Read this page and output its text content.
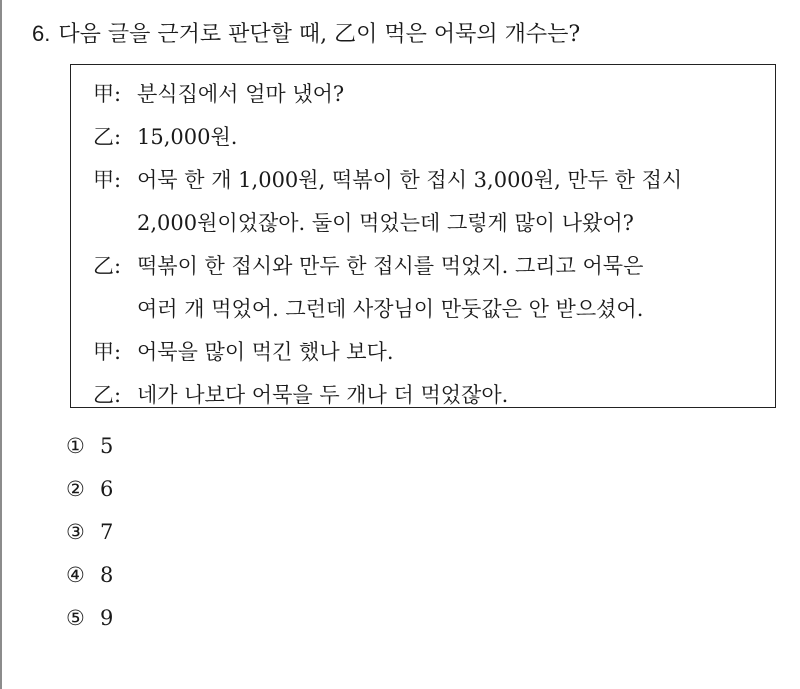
6. 다음 글을 근거로 판단할 때, 乙이 먹은 어묵의 개수는?
甲: 분식집에서 얼마 냈어?
乙: 15,000원.
甲: 어묵 한 개 1,000원, 떡볶이 한 접시 3,000원, 만두 한 접시
2,000원이었잖아. 둘이 먹었는데 그렇게 많이 나왔어?
乙: 떡볶이 한 접시와 만두 한 접시를 먹었지. 그리고 어묵은
여러 개 먹었어. 그런데 사장님이 만둣값은 안 받으셨어.
甲: 어묵을 많이 먹긴 했나 보다.
乙: 네가 나보다 어묵을 두 개나 더 먹었잖아.
① 5
② 6
③ 7
④ 8
⑤ 9
